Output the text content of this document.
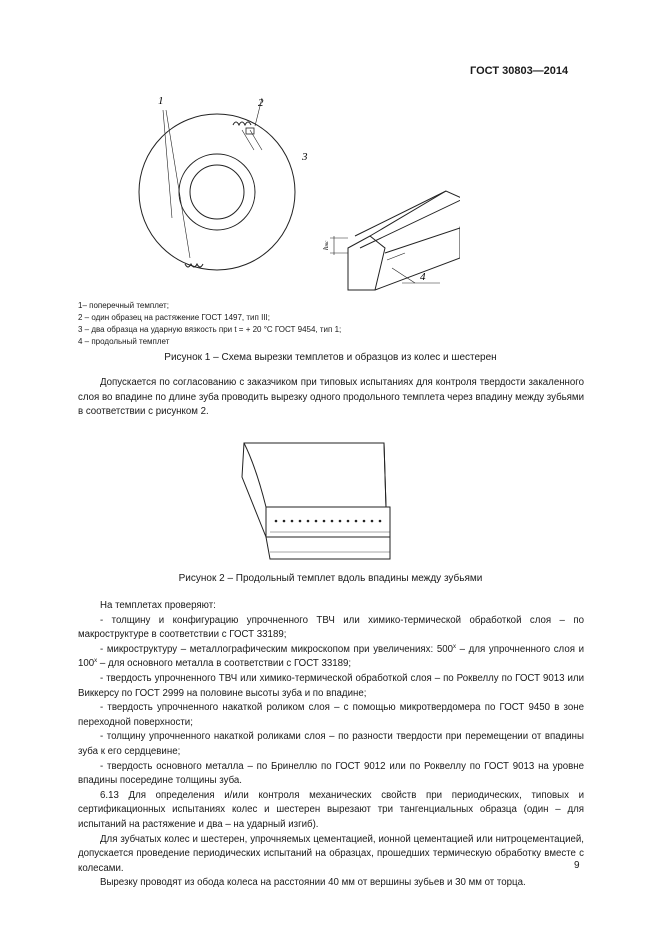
ГОСТ 30803—2014
1	2
3
4
hтс
1– поперечный темплет;
2 – один образец на растяжение ГОСТ 1497, тип III;
3 – два образца на ударную вязкость при t = + 20 °С ГОСТ 9454, тип 1;
4 – продольный темплет
Рисунок 1 – Схема вырезки темплетов и образцов из колес и шестерен
Допускается по согласованию с заказчиком при типовых испытаниях для контроля твердости закаленного слоя во впадине по длине зуба проводить вырезку одного продольного темплета через впадину между зубьями в соответствии с рисунком 2.
Рисунок 2 – Продольный темплет вдоль впадины между зубьями
На темплетах проверяют:
- толщину и конфигурацию упрочненного ТВЧ или химико-термической обработкой слоя – по макроструктуре в соответствии с ГОСТ 33189;
- микроструктуру – металлографическим микроскопом при увеличениях: 500$^x$ – для упрочненного слоя и 100$^x$ – для основного металла в соответствии с ГОСТ 33189;
- твердость упрочненного ТВЧ или химико-термической обработкой слоя – по Роквеллу по ГОСТ 9013 или Виккерсу по ГОСТ 2999 на половине высоты зуба и по впадине;
- твердость упрочненного накаткой роликом слоя – с помощью микротвердомера по ГОСТ 9450 в зоне переходной поверхности;
- толщину упрочненного накаткой роликами слоя – по разности твердости при перемещении от впадины зуба к его сердцевине;
- твердость основного металла – по Бринеллю по ГОСТ 9012 или по Роквеллу по ГОСТ 9013 на уровне впадины посередине толщины зуба.
6.13 Для определения и/или контроля механических свойств при периодических, типовых и сертификационных испытаниях колес и шестерен вырезают три тангенциальных образца (один – для испытаний на растяжение и два – на ударный изгиб).
Для зубчатых колес и шестерен, упрочняемых цементацией, ионной цементацией или нитроцементацией, допускается проведение периодических испытаний на образцах, прошедших термическую обработку вместе с колесами.
Вырезку проводят из обода колеса на расстоянии 40 мм от вершины зубьев и 30 мм от торца.
9
